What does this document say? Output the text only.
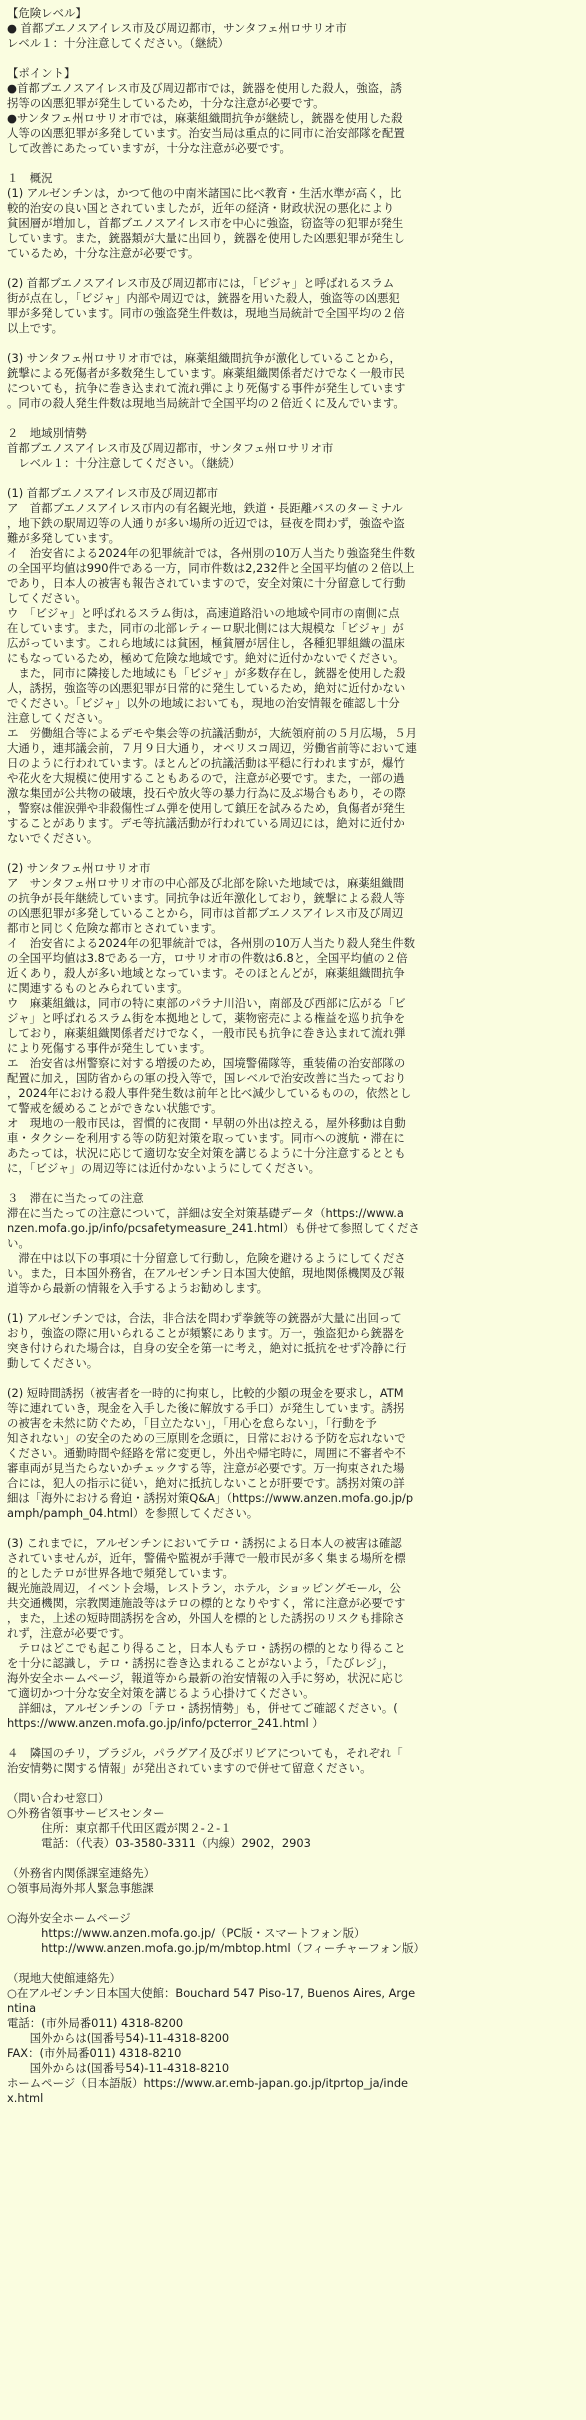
【危険レベル】
● 首都ブエノスアイレス市及び周辺都市，サンタフェ州ロサリオ市
レベル１：十分注意してください。（継続）
【ポイント】
●首都ブエノスアイレス市及び周辺都市では，銃器を使用した殺人，強盗，誘
拐等の凶悪犯罪が発生しているため，十分な注意が必要です。
●サンタフェ州ロサリオ市では，麻薬組織間抗争が継続し，銃器を使用した殺
人等の凶悪犯罪が多発しています。治安当局は重点的に同市に治安部隊を配置
して改善にあたっていますが，十分な注意が必要です。
１　概況
(1) アルゼンチンは，かつて他の中南米諸国に比べ教育・生活水準が高く，比
較的治安の良い国とされていましたが，近年の経済・財政状況の悪化により
貧困層が増加し，首都ブエノスアイレス市を中心に強盗，窃盗等の犯罪が発生
しています。また，銃器類が大量に出回り，銃器を使用した凶悪犯罪が発生し
ているため，十分な注意が必要です。
(2) 首都ブエノスアイレス市及び周辺都市には，「ビジャ」と呼ばれるスラム
街が点在し，「ビジャ」内部や周辺では，銃器を用いた殺人，強盗等の凶悪犯
罪が多発しています。同市の強盗発生件数は，現地当局統計で全国平均の２倍
以上です。
(3) サンタフェ州ロサリオ市では，麻薬組織間抗争が激化していることから，
銃撃による死傷者が多数発生しています。麻薬組織関係者だけでなく一般市民
についても，抗争に巻き込まれて流れ弾により死傷する事件が発生しています
。同市の殺人発生件数は現地当局統計で全国平均の２倍近くに及んでいます。
２　地域別情勢
首都ブエノスアイレス市及び周辺都市，サンタフェ州ロサリオ市
　レベル１：十分注意してください。（継続）
(1) 首都ブエノスアイレス市及び周辺都市
ア　首都ブエノスアイレス市内の有名観光地，鉄道・長距離バスのターミナル
，地下鉄の駅周辺等の人通りが多い場所の近辺では，昼夜を問わず，強盗や盗
難が多発しています。
イ　治安省による2024年の犯罪統計では，各州別の10万人当たり強盗発生件数
の全国平均値は990件である一方，同市件数は2,232件と全国平均値の２倍以上
であり，日本人の被害も報告されていますので，安全対策に十分留意して行動
してください。
ウ　「ビジャ」と呼ばれるスラム街は，高速道路沿いの地域や同市の南側に点
在しています。また，同市の北部レティーロ駅北側には大規模な「ビジャ」が
広がっています。これら地域には貧困，極貧層が居住し，各種犯罪組織の温床
にもなっているため，極めて危険な地域です。絶対に近付かないでください。
　また，同市に隣接した地域にも「ビジャ」が多数存在し，銃器を使用した殺
人，誘拐，強盗等の凶悪犯罪が日常的に発生しているため，絶対に近付かない
でください。「ビジャ」以外の地域においても，現地の治安情報を確認し十分
注意してください。
エ　労働組合等によるデモや集会等の抗議活動が，大統領府前の５月広場，５月
大通り，連邦議会前，７月９日大通り，オベリスコ周辺，労働省前等において連
日のように行われています。ほとんどの抗議活動は平穏に行われますが，爆竹
や花火を大規模に使用することもあるので，注意が必要です。また，一部の過
激な集団が公共物の破壊，投石や放火等の暴力行為に及ぶ場合もあり，その際
，警察は催涙弾や非殺傷性ゴム弾を使用して鎮圧を試みるため，負傷者が発生
することがあります。デモ等抗議活動が行われている周辺には，絶対に近付か
ないでください。
(2) サンタフェ州ロサリオ市
ア　サンタフェ州ロサリオ市の中心部及び北部を除いた地域では，麻薬組織間
の抗争が長年継続しています。同抗争は近年激化しており，銃撃による殺人等
の凶悪犯罪が多発していることから，同市は首都ブエノスアイレス市及び周辺
都市と同じく危険な都市とされています。
イ　治安省による2024年の犯罪統計では，各州別の10万人当たり殺人発生件数
の全国平均値は3.8である一方，ロサリオ市の件数は6.8と，全国平均値の２倍
近くあり，殺人が多い地域となっています。そのほとんどが，麻薬組織間抗争
に関連するものとみられています。
ウ　麻薬組織は，同市の特に東部のパラナ川沿い，南部及び西部に広がる「ビ
ジャ」と呼ばれるスラム街を本拠地として，薬物密売による権益を巡り抗争を
しており，麻薬組織関係者だけでなく，一般市民も抗争に巻き込まれて流れ弾
により死傷する事件が発生しています。
エ　治安省は州警察に対する増援のため，国境警備隊等，重装備の治安部隊の
配置に加え，国防省からの軍の投入等で，国レベルで治安改善に当たっており
，2024年における殺人事件発生数は前年と比べ減少しているものの，依然とし
て警戒を緩めることができない状態です。
オ　現地の一般市民は，習慣的に夜間・早朝の外出は控える，屋外移動は自動
車・タクシーを利用する等の防犯対策を取っています。同市への渡航・滞在に
あたっては，状況に応じて適切な安全対策を講じるように十分注意するととも
に，「ビジャ」の周辺等には近付かないようにしてください。
３　滞在に当たっての注意
滞在に当たっての注意について，詳細は安全対策基礎データ（https://www.a
nzen.mofa.go.jp/info/pcsafetymeasure_241.html）も併せて参照してくださ
い。
　滞在中は以下の事項に十分留意して行動し，危険を避けるようにしてくださ
い。また，日本国外務省，在アルゼンチン日本国大使館，現地関係機関及び報
道等から最新の情報を入手するようお勧めします。
(1) アルゼンチンでは，合法，非合法を問わず拳銃等の銃器が大量に出回って
おり，強盗の際に用いられることが頻繁にあります。万一，強盗犯から銃器を
突き付けられた場合は，自身の安全を第一に考え，絶対に抵抗をせず冷静に行
動してください。
(2) 短時間誘拐（被害者を一時的に拘束し，比較的少額の現金を要求し，ATM
等に連れていき，現金を入手した後に解放する手口）が発生しています。誘拐
の被害を未然に防ぐため，「目立たない」，「用心を怠らない」，「行動を予
知されない」の安全のための三原則を念頭に，日常における予防を忘れないで
ください。通勤時間や経路を常に変更し，外出や帰宅時に，周囲に不審者や不
審車両が見当たらないかチェックする等，注意が必要です。万一拘束された場
合には，犯人の指示に従い，絶対に抵抗しないことが肝要です。誘拐対策の詳
細は「海外における脅迫・誘拐対策Q&A」（https://www.anzen.mofa.go.jp/p
amph/pamph_04.html）を参照してください。
(3) これまでに，アルゼンチンにおいてテロ・誘拐による日本人の被害は確認
されていませんが，近年，警備や監視が手薄で一般市民が多く集まる場所を標
的としたテロが世界各地で頻発しています。
観光施設周辺，イベント会場，レストラン，ホテル，ショッピングモール，公
共交通機関，宗教関連施設等はテロの標的となりやすく，常に注意が必要です
，また，上述の短時間誘拐を含め，外国人を標的とした誘拐のリスクも排除さ
れず，注意が必要です。
　テロはどこでも起こり得ること，日本人もテロ・誘拐の標的となり得ること
を十分に認識し，テロ・誘拐に巻き込まれることがないよう，「たびレジ」，
海外安全ホームページ，報道等から最新の治安情報の入手に努め，状況に応じ
て適切かつ十分な安全対策を講じるよう心掛けてください。
　詳細は，アルゼンチンの「テロ・誘拐情勢」も，併せてご確認ください。(
https://www.anzen.mofa.go.jp/info/pcterror_241.html ）
４　隣国のチリ，ブラジル，パラグアイ及びボリビアについても，それぞれ「
治安情勢に関する情報」が発出されていますので併せて留意ください。
（問い合わせ窓口）
○外務省領事サービスセンター
　　　住所：東京都千代田区霞が関２-２-１
　　　電話：（代表）03-3580-3311（内線）2902，2903
（外務省内関係課室連絡先）
○領事局海外邦人緊急事態課
○海外安全ホームページ
　　　https://www.anzen.mofa.go.jp/（PC版・スマートフォン版）
　　　http://www.anzen.mofa.go.jp/m/mbtop.html（フィーチャーフォン版）
（現地大使館連絡先）
○在アルゼンチン日本国大使館：Bouchard 547 Piso-17, Buenos Aires, Arge
ntina
電話：(市外局番011) 4318-8200
　　国外からは(国番号54)-11-4318-8200
FAX：(市外局番011) 4318-8210
　　国外からは(国番号54)-11-4318-8210
ホームページ（日本語版）https://www.ar.emb-japan.go.jp/itprtop_ja/inde
x.html
